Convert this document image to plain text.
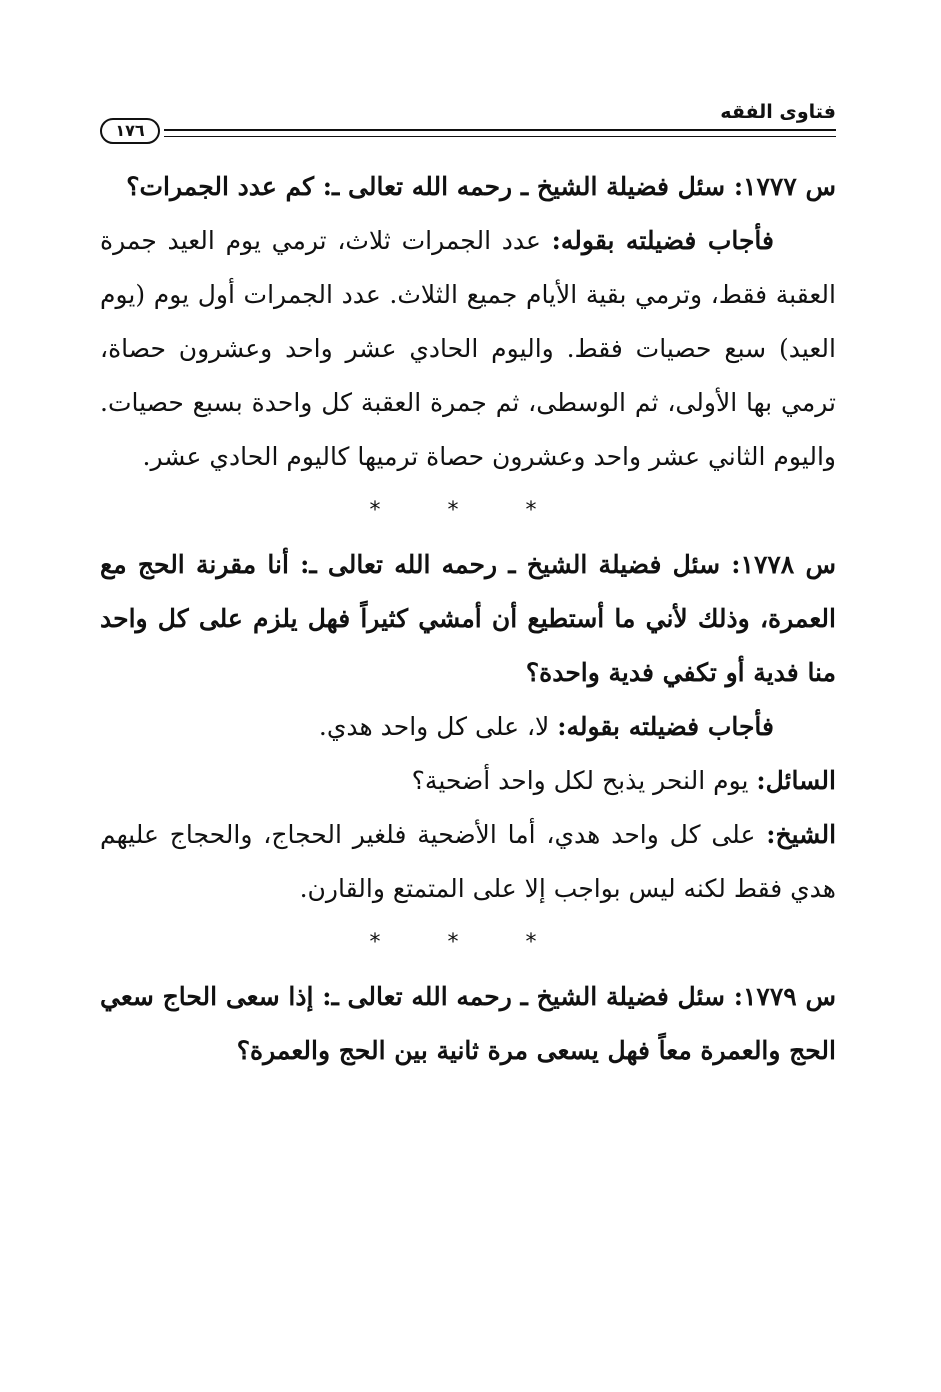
فتاوى الفقه
١٧٦

س ١٧٧٧: سئل فضيلة الشيخ ـ رحمه الله تعالى ـ: كم عدد الجمرات؟

فأجاب فضيلته بقوله: عدد الجمرات ثلاث، ترمي يوم العيد جمرة العقبة فقط، وترمي بقية الأيام جميع الثلاث. عدد الجمرات أول يوم (يوم العيد) سبع حصيات فقط. واليوم الحادي عشر واحد وعشرون حصاة، ترمي بها الأولى، ثم الوسطى، ثم جمرة العقبة كل واحدة بسبع حصيات. واليوم الثاني عشر واحد وعشرون حصاة ترميها كاليوم الحادي عشر.

* * *

س ١٧٧٨: سئل فضيلة الشيخ ـ رحمه الله تعالى ـ: أنا مقرنة الحج مع العمرة، وذلك لأني ما أستطيع أن أمشي كثيراً فهل يلزم على كل واحد منا فدية أو تكفي فدية واحدة؟

فأجاب فضيلته بقوله: لا، على كل واحد هدي.

السائل: يوم النحر يذبح لكل واحد أضحية؟

الشيخ: على كل واحد هدي، أما الأضحية فلغير الحجاج، والحجاج عليهم هدي فقط لكنه ليس بواجب إلا على المتمتع والقارن.

* * *

س ١٧٧٩: سئل فضيلة الشيخ ـ رحمه الله تعالى ـ: إذا سعى الحاج سعي الحج والعمرة معاً فهل يسعى مرة ثانية بين الحج والعمرة؟
